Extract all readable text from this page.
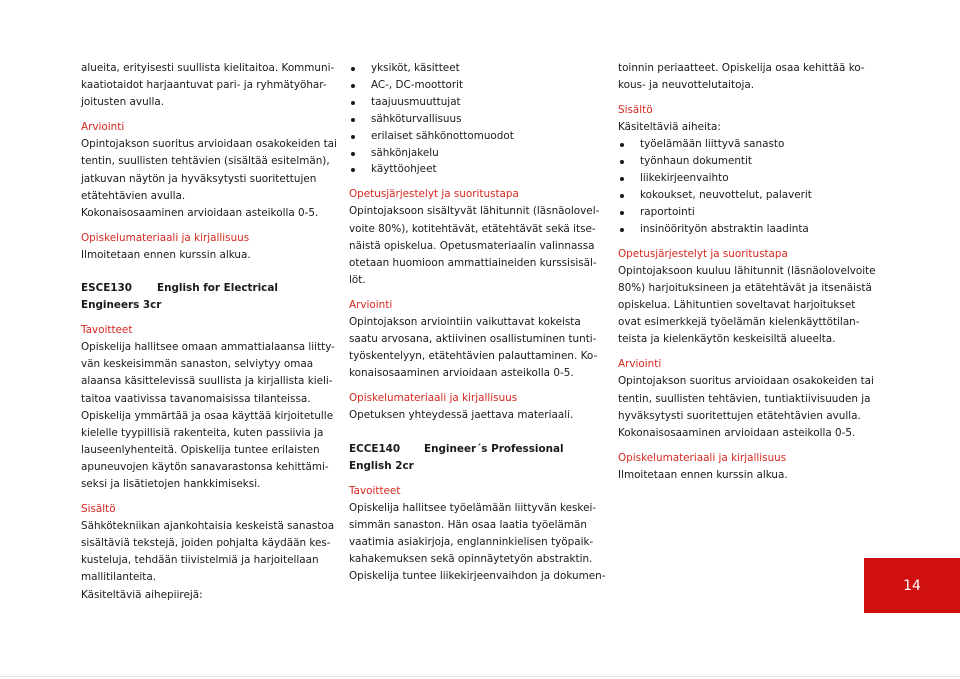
alueita, erityisesti suullista kielitaitoa. Kommuni-
kaatiotaidot harjaantuvat pari- ja ryhmätyöhar-
joitusten avulla.
Arviointi
Opintojakson suoritus arvioidaan osakokeiden tai
tentin, suullisten tehtävien (sisältää esitelmän),
jatkuvan näytön ja hyväksytysti suoritettujen
etätehtävien avulla.
Kokonaisosaaminen arvioidaan asteikolla 0-5.
Opiskelumateriaali ja kirjallisuus
Ilmoitetaan ennen kurssin alkua.
ESCE130	English for Electrical
Engineers 3cr
Tavoitteet
Opiskelija hallitsee omaan ammattialaansa liitty-
vän keskeisimmän sanaston, selviytyy omaa
alaansa käsittelevissä suullista ja kirjallista kieli-
taitoa vaativissa tavanomaisissa tilanteissa.
Opiskelija ymmärtää ja osaa käyttää kirjoitetulle
kielelle tyypillisiä rakenteita, kuten passiivia ja
lauseenlyhenteitä. Opiskelija tuntee erilaisten
apuneuvojen käytön sanavarastonsa kehittämi-
seksi ja lisätietojen hankkimiseksi.
Sisältö
Sähkötekniikan ajankohtaisia keskeistä sanastoa
sisältäviä tekstejä, joiden pohjalta käydään kes-
kusteluja, tehdään tiivistelmiä ja harjoitellaan
mallitilanteita.
Käsiteltäviä aihepiirejä:
yksiköt, käsitteet
AC-, DC-moottorit
taajuusmuuttujat
sähköturvallisuus
erilaiset sähkönottomuodot
sähkönjakelu
käyttöohjeet
Opetusjärjestelyt ja suoritustapa
Opintojaksoon sisältyvät lähitunnit (läsnäolovel-
voite 80%), kotitehtävät, etätehtävät sekä itse-
näistä opiskelua. Opetusmateriaalin valinnassa
otetaan huomioon ammattiaineiden kurssisisäl-
löt.
Arviointi
Opintojakson arviointiin vaikuttavat kokeista
saatu arvosana, aktiivinen osallistuminen tunti-
työskentelyyn, etätehtävien palauttaminen. Ko-
konaisosaaminen arvioidaan asteikolla 0-5.
Opiskelumateriaali ja kirjallisuus
Opetuksen yhteydessä jaettava materiaali.
ECCE140	Engineer´s Professional
English 2cr
Tavoitteet
Opiskelija hallitsee työelämään liittyvän keskei-
simmän sanaston. Hän osaa laatia työelämän
vaatimia asiakirjoja, englanninkielisen työpaik-
kahakemuksen sekä opinnäytetyön abstraktin.
Opiskelija tuntee liikekirjeenvaihdon ja dokumen-
toinnin periaatteet. Opiskelija osaa kehittää ko-
kous- ja neuvottelutaitoja.
Sisältö
Käsiteltäviä aiheita:
työelämään liittyvä sanasto
työnhaun dokumentit
liikekirjeenvaihto
kokoukset, neuvottelut, palaverit
raportointi
insinöörityön abstraktin laadinta
Opetusjärjestelyt ja suoritustapa
Opintojaksoon kuuluu lähitunnit (läsnäolovelvoite
80%) harjoituksineen ja etätehtävät ja itsenäistä
opiskelua. Lähituntien soveltavat harjoitukset
ovat esimerkkejä työelämän kielenkäyttötilan-
teista ja kielenkäytön keskeisiltä alueelta.
Arviointi
Opintojakson suoritus arvioidaan osakokeiden tai
tentin, suullisten tehtävien, tuntiaktiivisuuden ja
hyväksytysti suoritettujen etätehtävien avulla.
Kokonaisosaaminen arvioidaan asteikolla 0-5.
Opiskelumateriaali ja kirjallisuus
Ilmoitetaan ennen kurssin alkua.
14
